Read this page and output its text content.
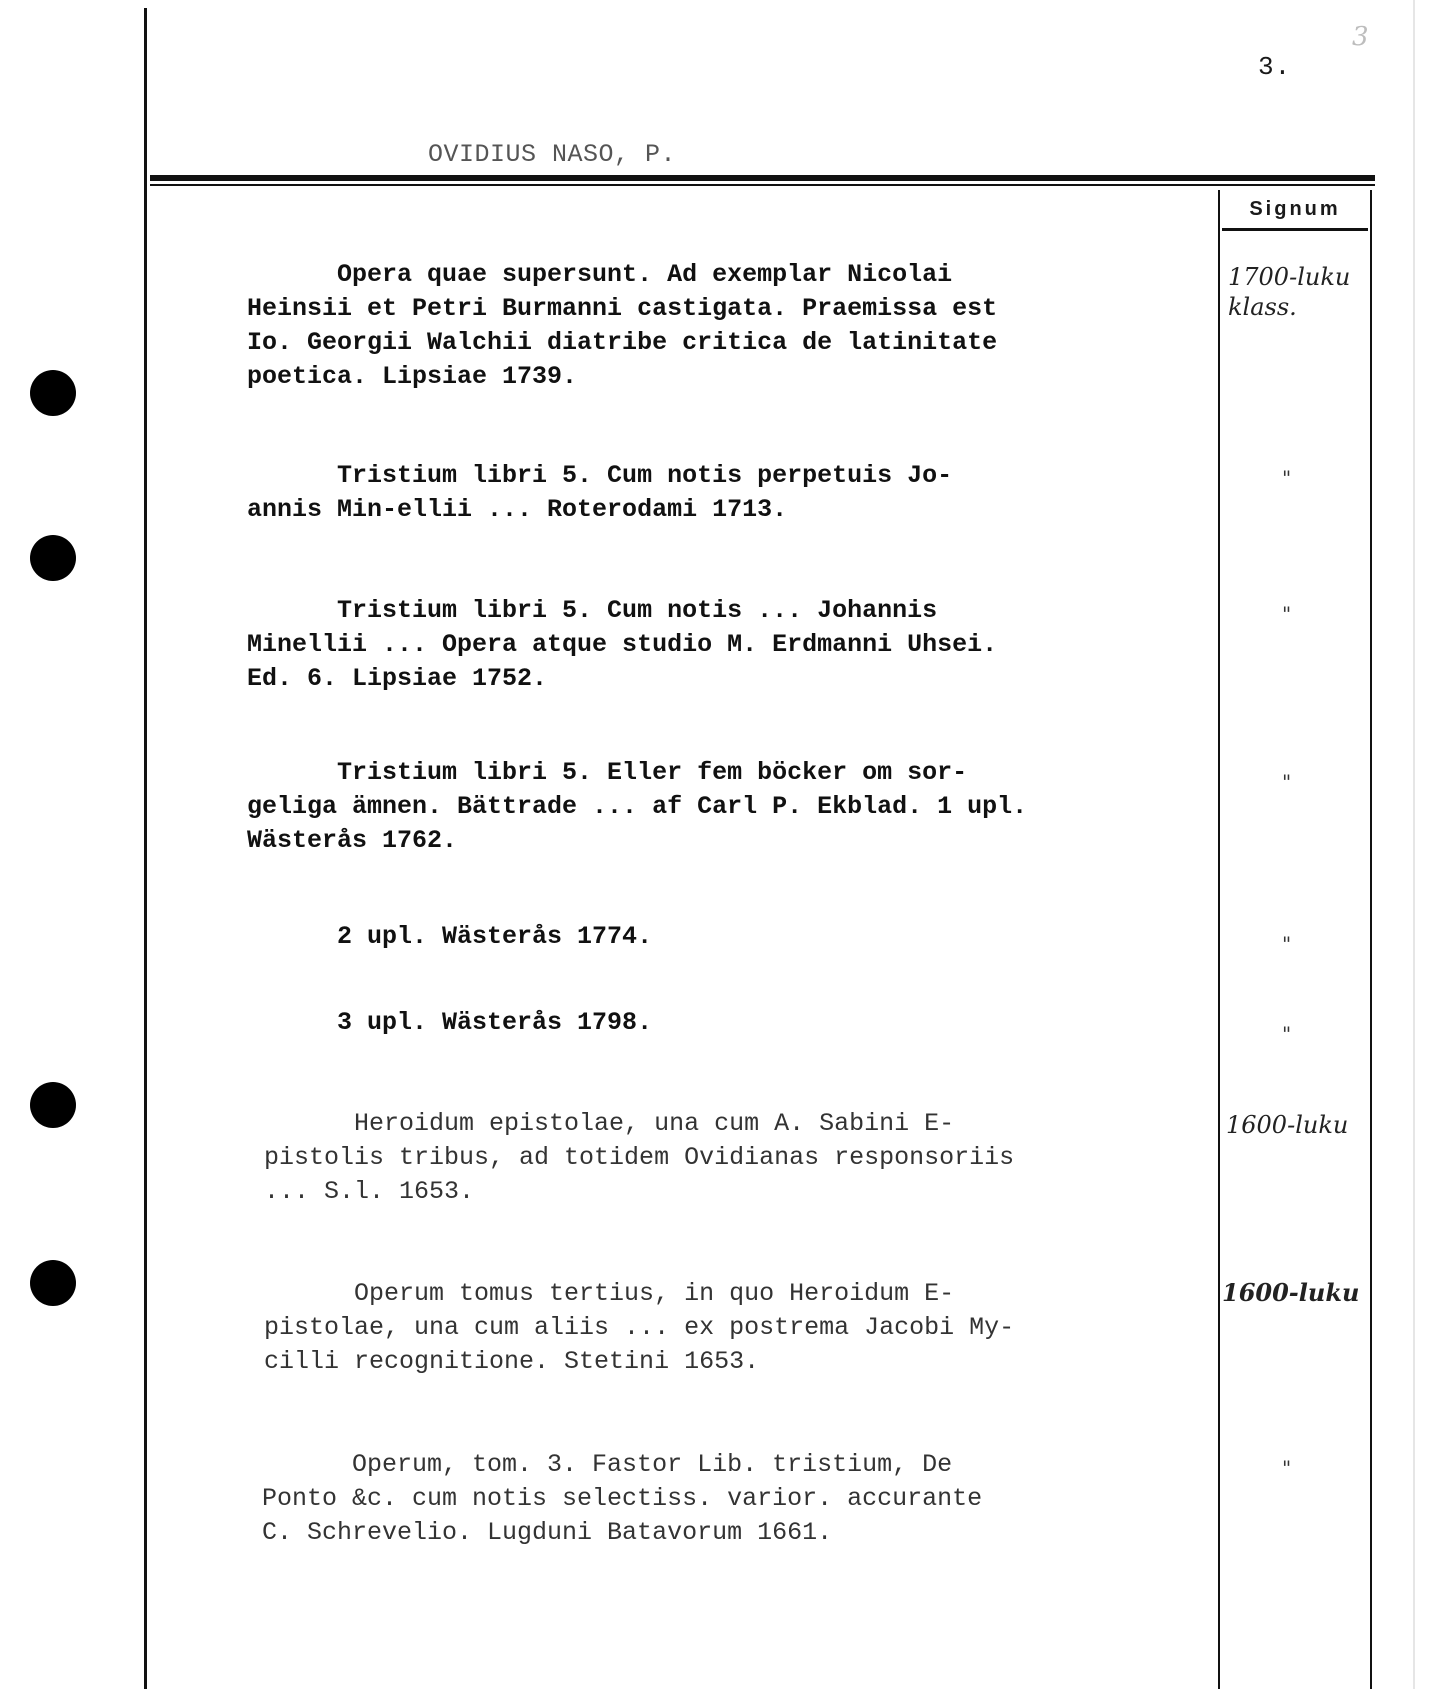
3
3.
OVIDIUS NASO, P.
Signum
Opera quae supersunt. Ad exemplar Nicolai
Heinsii et Petri Burmanni castigata. Praemissa est
Io. Georgii Walchii diatribe critica de latinitate
poetica. Lipsiae 1739.
1700-luku
klass.
Tristium libri 5. Cum notis perpetuis Jo-
annis Min-ellii ... Roterodami 1713.
"
Tristium libri 5. Cum notis ... Johannis
Minellii ... Opera atque studio M. Erdmanni Uhsei.
Ed. 6. Lipsiae 1752.
"
Tristium libri 5. Eller fem böcker om sor-
geliga ämnen. Bättrade ... af Carl P. Ekblad. 1 upl.
Wästerås 1762.
"
2 upl. Wästerås 1774.	"
3 upl. Wästerås 1798.	"
Heroidum epistolae, una cum A. Sabini E-
pistolis tribus, ad totidem Ovidianas responsoriis
... S.l. 1653.
1600-luku
Operum tomus tertius, in quo Heroidum E-
pistolae, una cum aliis ... ex postrema Jacobi My-
cilli recognitione. Stetini 1653.
1600-luku
Operum, tom. 3. Fastor Lib. tristium, De
Ponto &c. cum notis selectiss. varior. accurante
C. Schrevelio. Lugduni Batavorum 1661.
"
